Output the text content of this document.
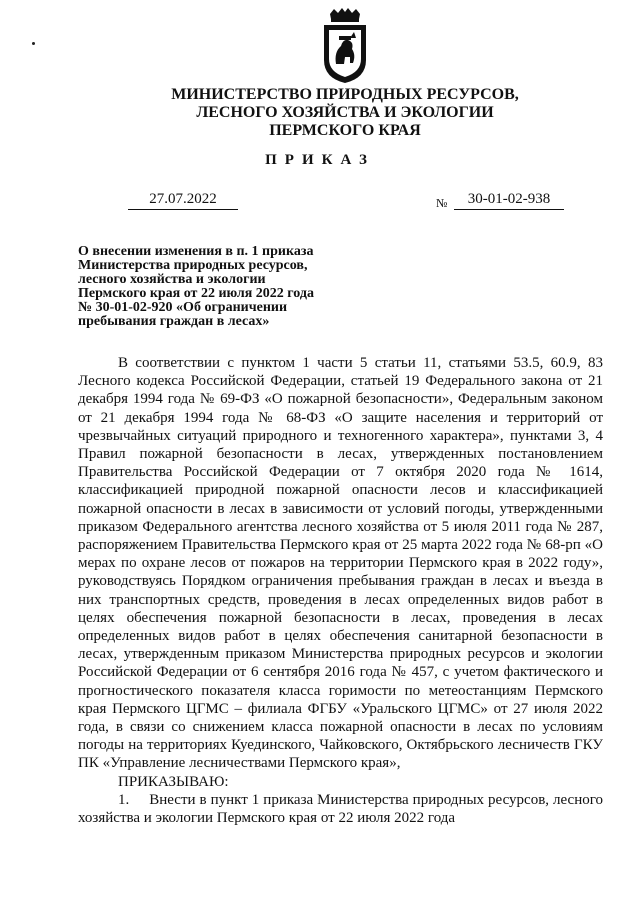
МИНИСТЕРСТВО ПРИРОДНЫХ РЕСУРСОВ,
ЛЕСНОГО ХОЗЯЙСТВА И ЭКОЛОГИИ
ПЕРМСКОГО КРАЯ
ПРИКАЗ
27.07.2022	№	30-01-02-938
О внесении изменения в п. 1 приказа
Министерства природных ресурсов,
лесного хозяйства и экологии
Пермского края от 22 июля 2022 года
№ 30-01-02-920 «Об ограничении
пребывания граждан в лесах»

В соответствии с пунктом 1 части 5 статьи 11, статьями 53.5, 60.9, 83 Лесного кодекса Российской Федерации, статьей 19 Федерального закона от 21 декабря 1994 года № 69-ФЗ «О пожарной безопасности», Федеральным законом от 21 декабря 1994 года № 68-ФЗ «О защите населения и территорий от чрезвычайных ситуаций природного и техногенного характера», пунктами 3, 4 Правил пожарной безопасности в лесах, утвержденных постановлением Правительства Российской Федерации от 7 октября 2020 года № 1614, классификацией природной пожарной опасности лесов и классификацией пожарной опасности в лесах в зависимости от условий погоды, утвержденными приказом Федерального агентства лесного хозяйства от 5 июля 2011 года № 287, распоряжением Правительства Пермского края от 25 марта 2022 года № 68-рп «О мерах по охране лесов от пожаров на территории Пермского края в 2022 году», руководствуясь Порядком ограничения пребывания граждан в лесах и въезда в них транспортных средств, проведения в лесах определенных видов работ в целях обеспечения пожарной безопасности в лесах, проведения в лесах определенных видов работ в целях обеспечения санитарной безопасности в лесах, утвержденным приказом Министерства природных ресурсов и экологии Российской Федерации от 6 сентября 2016 года № 457, с учетом фактического и прогностического показателя класса горимости по метеостанциям Пермского края Пермского ЦГМС – филиала ФГБУ «Уральского ЦГМС» от 27 июля 2022 года, в связи со снижением класса пожарной опасности в лесах по условиям погоды на территориях Куединского, Чайковского, Октябрьского лесничеств ГКУ ПК «Управление лесничествами Пермского края»,

ПРИКАЗЫВАЮ:

1.     Внести в пункт 1 приказа Министерства природных ресурсов, лесного хозяйства и экологии Пермского края от 22 июля 2022 года
